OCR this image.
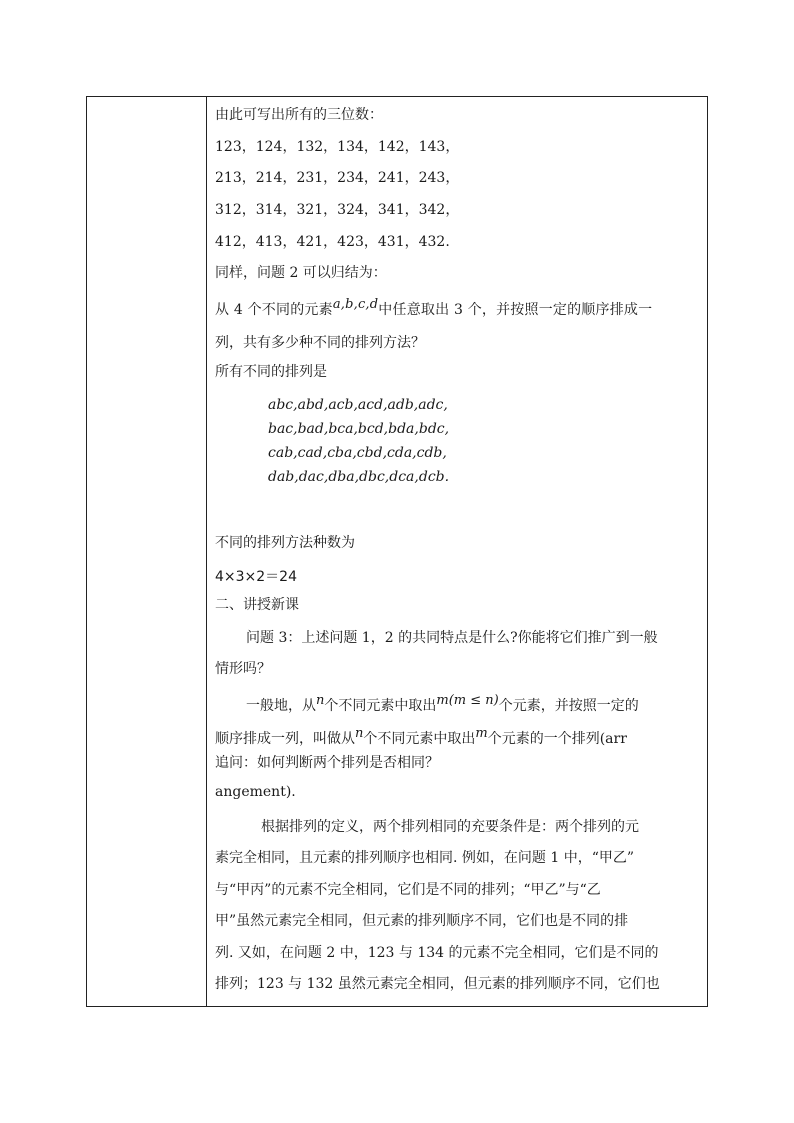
由此可写出所有的三位数：
123，124，132，134，142，143，
213，214，231，234，241，243，
312，314，321，324，341，342，
412，413，421，423，431，432.
同样，问题 2 可以归结为：
从 4 个不同的元素a,b,c,d中任意取出 3 个，并按照一定的顺序排成一
列，共有多少种不同的排列方法？
所有不同的排列是
abc,abd,acb,acd,adb,adc,
bac,bad,bca,bcd,bda,bdc,
cab,cad,cba,cbd,cda,cdb,
dab,dac,dba,dbc,dca,dcb.
不同的排列方法种数为
4×3×2＝24
二、讲授新课
问题 3：上述问题 1，2 的共同特点是什么?你能将它们推广到一般
情形吗？
一般地，从n个不同元素中取出m(m ≤ n)个元素，并按照一定的
顺序排成一列，叫做从n个不同元素中取出m个元素的一个排列(arr
追问：如何判断两个排列是否相同？
angement).
根据排列的定义，两个排列相同的充要条件是：两个排列的元
素完全相同，且元素的排列顺序也相同. 例如，在问题 1 中，“甲乙”
与“甲丙”的元素不完全相同，它们是不同的排列；“甲乙”与“乙
甲”虽然元素完全相同，但元素的排列顺序不同，它们也是不同的排
列. 又如，在问题 2 中，123 与 134 的元素不完全相同，它们是不同的
排列；123 与 132 虽然元素完全相同，但元素的排列顺序不同，它们也
